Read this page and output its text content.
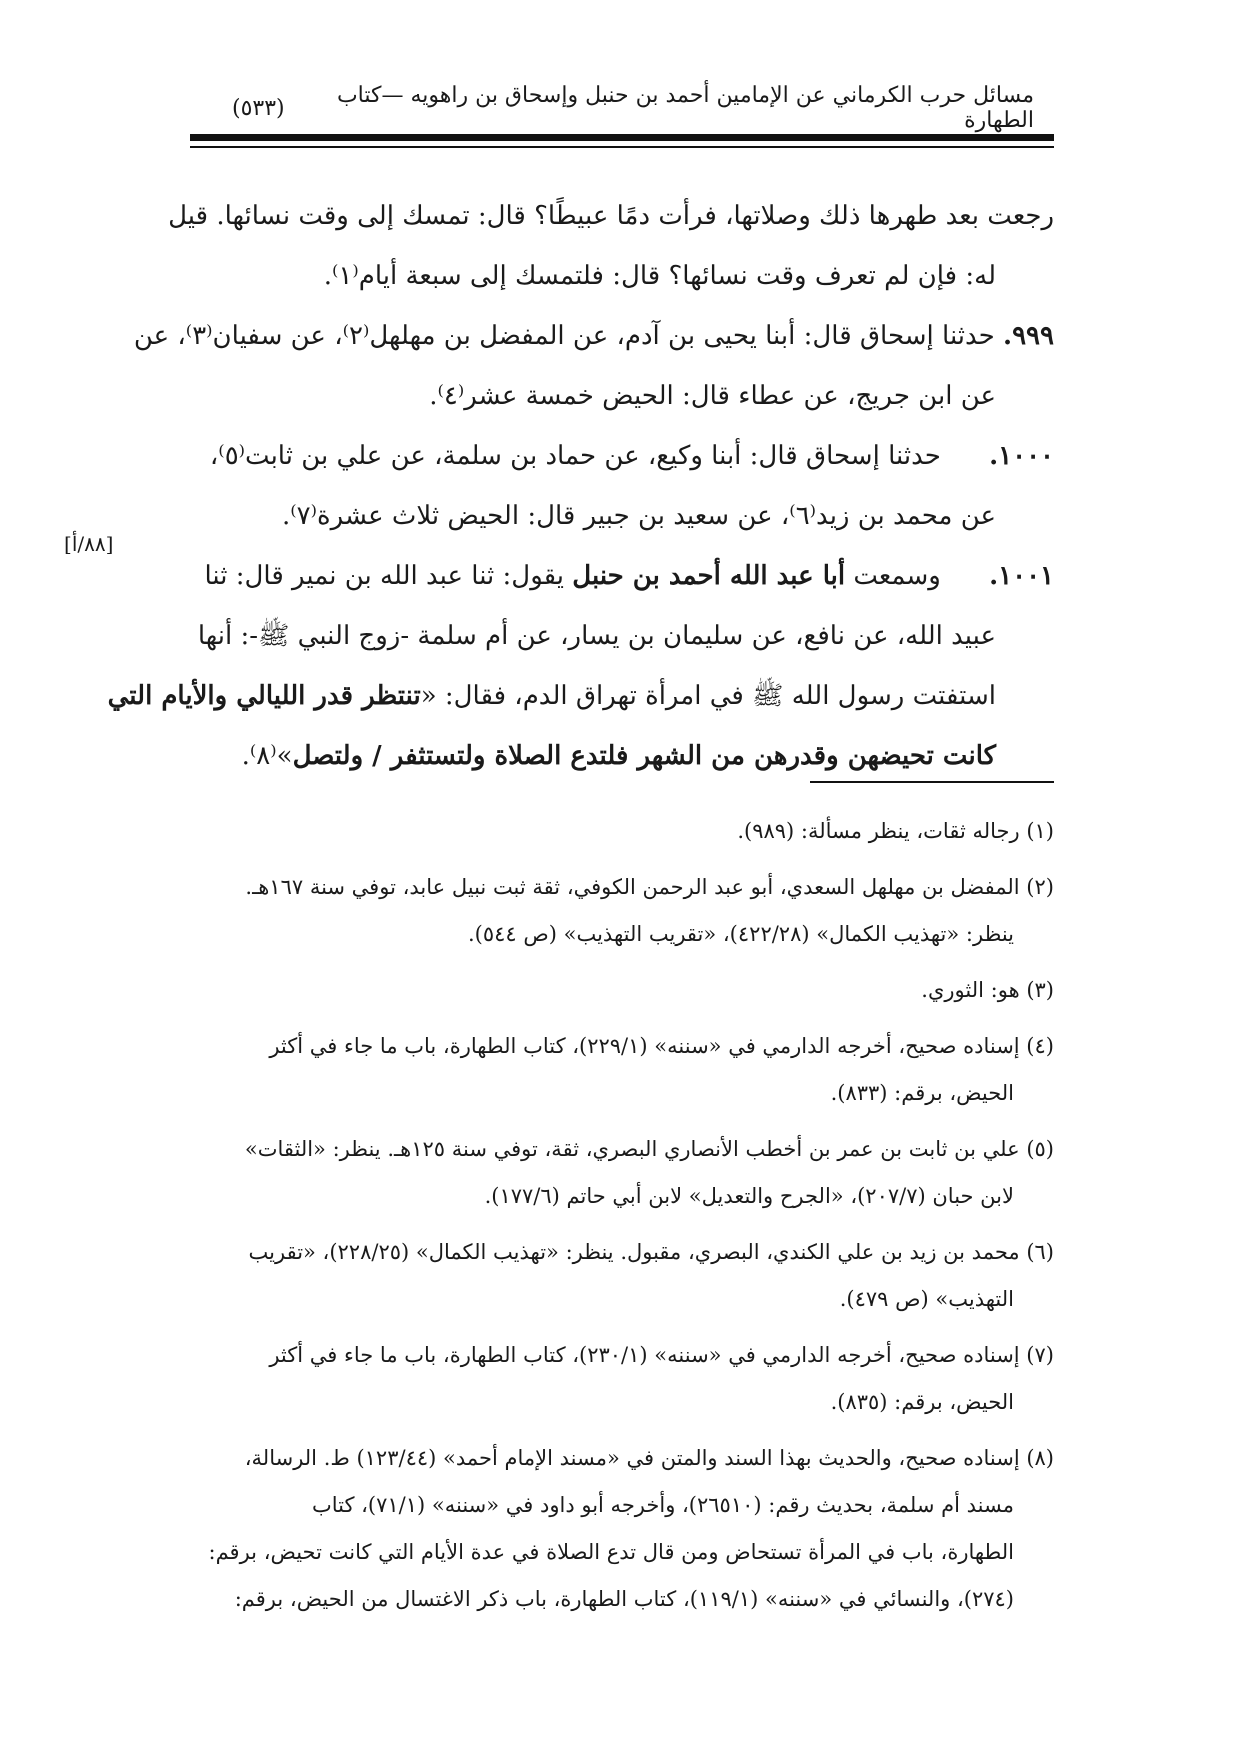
مسائل حرب الكرماني عن الإمامين أحمد بن حنبل وإسحاق بن راهويه —كتاب الطهارة
(٥٣٣)
[٨٨/أ]
رجعت بعد طهرها ذلك وصلاتها، فرأت دمًا عبيطًا؟ قال: تمسك إلى وقت نسائها. قيل
له: فإن لم تعرف وقت نسائها؟ قال: فلتمسك إلى سبعة أيام⁽١⁾.
٩٩٩. حدثنا إسحاق قال: أبنا يحيى بن آدم، عن المفضل بن مهلهل⁽٢⁾، عن سفيان⁽٣⁾، عن
عن ابن جريج، عن عطاء قال: الحيض خمسة عشر⁽٤⁾.
١٠٠٠. حدثنا إسحاق قال: أبنا وكيع، عن حماد بن سلمة، عن علي بن ثابت⁽٥⁾،
عن محمد بن زيد⁽٦⁾، عن سعيد بن جبير قال: الحيض ثلاث عشرة⁽٧⁾.
١٠٠١. وسمعت أبا عبد الله أحمد بن حنبل يقول: ثنا عبد الله بن نمير قال: ثنا
عبيد الله، عن نافع، عن سليمان بن يسار، عن أم سلمة -زوج النبي ﷺ-: أنها
استفتت رسول الله ﷺ في امرأة تهراق الدم، فقال: «تنتظر قدر الليالي والأيام التي
كانت تحيضهن وقدرهن من الشهر فلتدع الصلاة ولتستثفر / ولتصل»⁽٨⁾.
(١) رجاله ثقات، ينظر مسألة: (٩٨٩).
(٢) المفضل بن مهلهل السعدي، أبو عبد الرحمن الكوفي، ثقة ثبت نبيل عابد، توفي سنة ١٦٧هـ.
ينظر: «تهذيب الكمال» (٤٢٢/٢٨)، «تقريب التهذيب» (ص ٥٤٤).
(٣) هو: الثوري.
(٤) إسناده صحيح، أخرجه الدارمي في «سننه» (٢٢٩/١)، كتاب الطهارة، باب ما جاء في أكثر
الحيض، برقم: (٨٣٣).
(٥) علي بن ثابت بن عمر بن أخطب الأنصاري البصري، ثقة، توفي سنة ١٢٥هـ. ينظر: «الثقات»
لابن حبان (٢٠٧/٧)، «الجرح والتعديل» لابن أبي حاتم (١٧٧/٦).
(٦) محمد بن زيد بن علي الكندي، البصري، مقبول. ينظر: «تهذيب الكمال» (٢٢٨/٢٥)، «تقريب
التهذيب» (ص ٤٧٩).
(٧) إسناده صحيح، أخرجه الدارمي في «سننه» (٢٣٠/١)، كتاب الطهارة، باب ما جاء في أكثر
الحيض، برقم: (٨٣٥).
(٨) إسناده صحيح، والحديث بهذا السند والمتن في «مسند الإمام أحمد» (١٢٣/٤٤) ط. الرسالة،
مسند أم سلمة، بحديث رقم: (٢٦٥١٠)، وأخرجه أبو داود في «سننه» (٧١/١)، كتاب
الطهارة، باب في المرأة تستحاض ومن قال تدع الصلاة في عدة الأيام التي كانت تحيض، برقم:
(٢٧٤)، والنسائي في «سننه» (١١٩/١)، كتاب الطهارة، باب ذكر الاغتسال من الحيض، برقم:
